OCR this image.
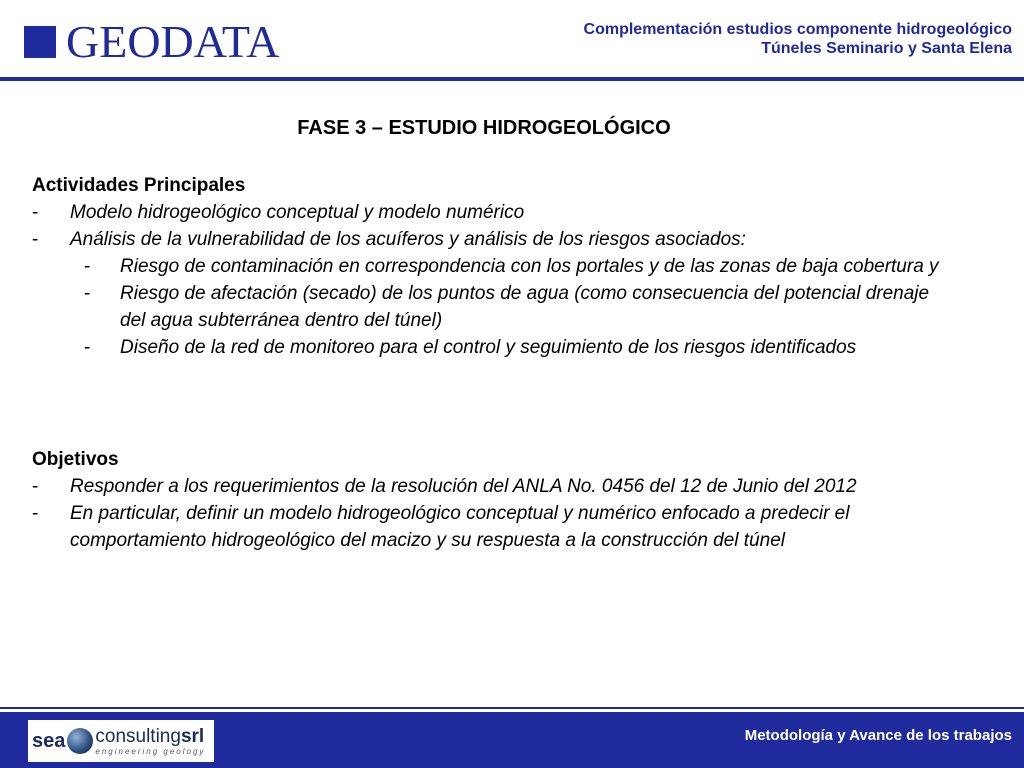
GEODATA	Complementación estudios componente hidrogeológico
Túneles Seminario y Santa Elena
FASE 3 – ESTUDIO HIDROGEOLÓGICO
Actividades Principales
- Modelo hidrogeológico conceptual y modelo numérico
- Análisis de la vulnerabilidad de los acuíferos y análisis de los riesgos asociados:
- Riesgo de contaminación en correspondencia con los portales y de las zonas de baja cobertura y
- Riesgo de afectación (secado) de los puntos de agua (como consecuencia del potencial drenaje del agua subterránea dentro del túnel)
- Diseño de la red de monitoreo para el control y seguimiento de los riesgos identificados
Objetivos
- Responder a los requerimientos de la resolución del ANLA No. 0456 del 12 de Junio del 2012
- En particular, definir un modelo hidrogeológico conceptual y numérico enfocado a predecir el comportamiento hidrogeológico del macizo y su respuesta a la construcción del túnel
sea consultingsrl
engineering geology
Metodología y Avance de los trabajos
